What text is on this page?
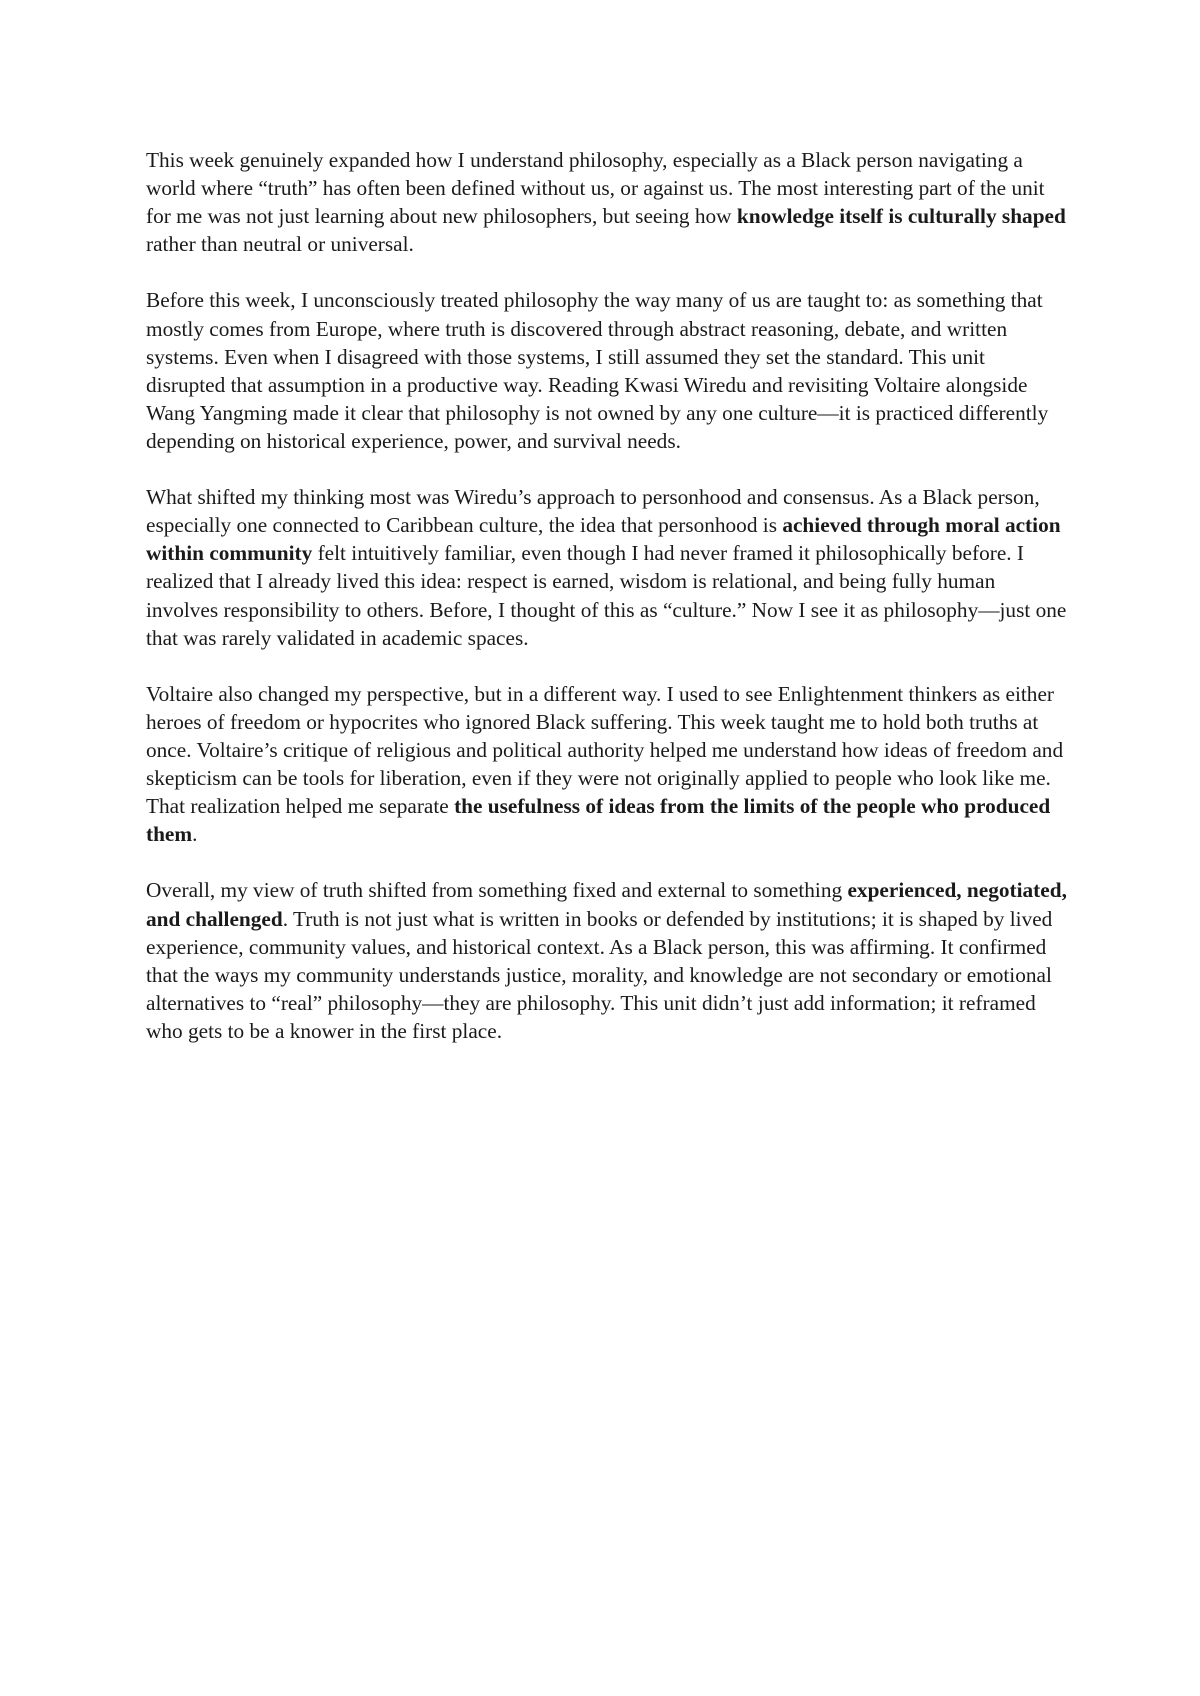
This week genuinely expanded how I understand philosophy, especially as a Black person navigating a world where “truth” has often been defined without us, or against us. The most interesting part of the unit for me was not just learning about new philosophers, but seeing how knowledge itself is culturally shaped rather than neutral or universal.

Before this week, I unconsciously treated philosophy the way many of us are taught to: as something that mostly comes from Europe, where truth is discovered through abstract reasoning, debate, and written systems. Even when I disagreed with those systems, I still assumed they set the standard. This unit disrupted that assumption in a productive way. Reading Kwasi Wiredu and revisiting Voltaire alongside Wang Yangming made it clear that philosophy is not owned by any one culture—it is practiced differently depending on historical experience, power, and survival needs.

What shifted my thinking most was Wiredu’s approach to personhood and consensus. As a Black person, especially one connected to Caribbean culture, the idea that personhood is achieved through moral action within community felt intuitively familiar, even though I had never framed it philosophically before. I realized that I already lived this idea: respect is earned, wisdom is relational, and being fully human involves responsibility to others. Before, I thought of this as “culture.” Now I see it as philosophy—just one that was rarely validated in academic spaces.

Voltaire also changed my perspective, but in a different way. I used to see Enlightenment thinkers as either heroes of freedom or hypocrites who ignored Black suffering. This week taught me to hold both truths at once. Voltaire’s critique of religious and political authority helped me understand how ideas of freedom and skepticism can be tools for liberation, even if they were not originally applied to people who look like me. That realization helped me separate the usefulness of ideas from the limits of the people who produced them.

Overall, my view of truth shifted from something fixed and external to something experienced, negotiated, and challenged. Truth is not just what is written in books or defended by institutions; it is shaped by lived experience, community values, and historical context. As a Black person, this was affirming. It confirmed that the ways my community understands justice, morality, and knowledge are not secondary or emotional alternatives to “real” philosophy—they are philosophy. This unit didn’t just add information; it reframed who gets to be a knower in the first place.
